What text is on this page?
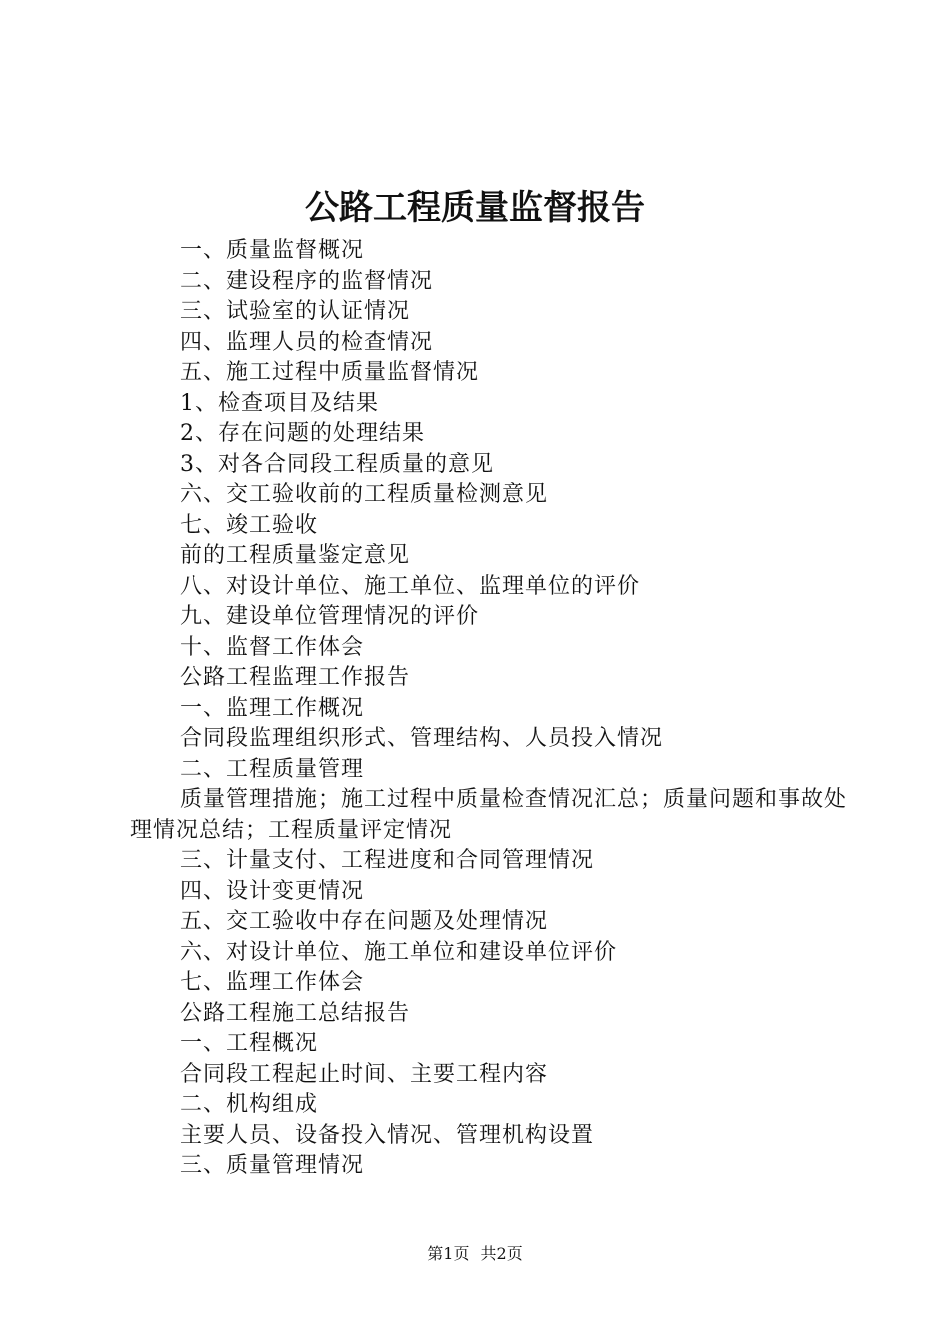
公路工程质量监督报告
一、质量监督概况
二、建设程序的监督情况
三、试验室的认证情况
四、监理人员的检查情况
五、施工过程中质量监督情况
1、检查项目及结果
2、存在问题的处理结果
3、对各合同段工程质量的意见
六、交工验收前的工程质量检测意见
七、竣工验收
前的工程质量鉴定意见
八、对设计单位、施工单位、监理单位的评价
九、建设单位管理情况的评价
十、监督工作体会
公路工程监理工作报告
一、监理工作概况
合同段监理组织形式、管理结构、人员投入情况
二、工程质量管理
质量管理措施；施工过程中质量检查情况汇总；质量问题和事故处理情况总结；工程质量评定情况
三、计量支付、工程进度和合同管理情况
四、设计变更情况
五、交工验收中存在问题及处理情况
六、对设计单位、施工单位和建设单位评价
七、监理工作体会
公路工程施工总结报告
一、工程概况
合同段工程起止时间、主要工程内容
二、机构组成
主要人员、设备投入情况、管理机构设置
三、质量管理情况
第1页 共2页
